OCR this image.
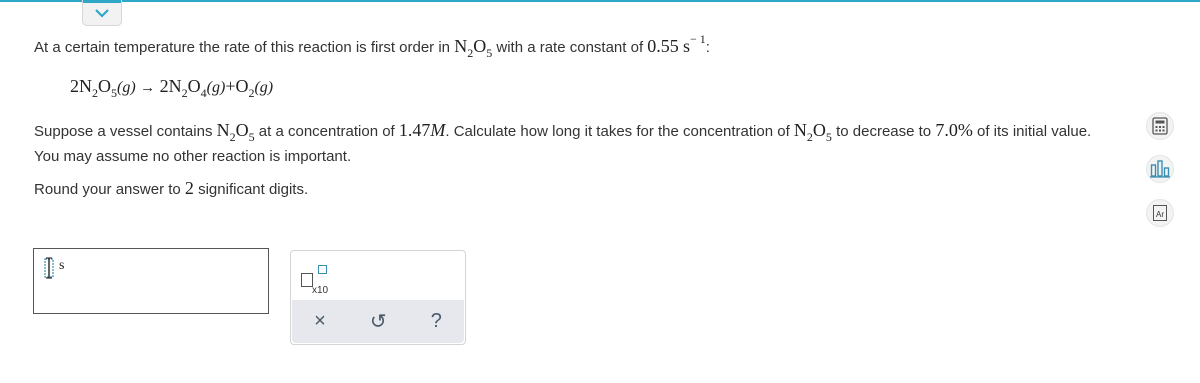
At a certain temperature the rate of this reaction is first order in $N_2O_5$ with a rate constant of 0.55 $s^{- 1}$:
$2N_2O_5(g) \to 2N_2O_4(g)+O_2(g)$
Suppose a vessel contains $N_2O_5$ at a concentration of 1.47M. Calculate how long it takes for the concentration of $N_2O_5$ to decrease to 7.0% of its initial value.
You may assume no other reaction is important.
Round your answer to 2 significant digits.
Ar
s
x10
× ↺ ?
